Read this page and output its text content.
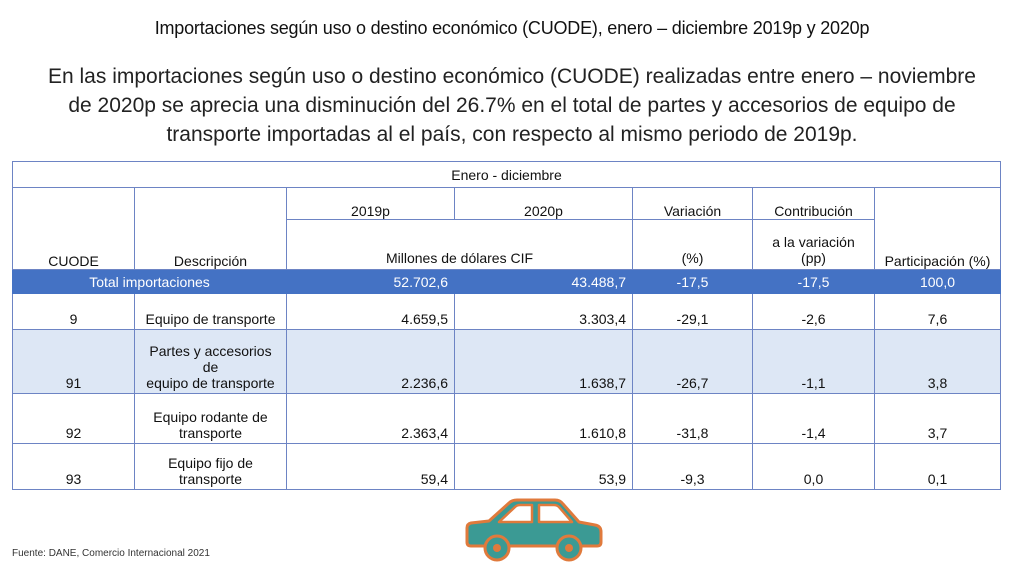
Importaciones según uso o destino económico (CUODE), enero – diciembre 2019p y 2020p
En las importaciones según uso o destino económico (CUODE) realizadas entre enero – noviembre de 2020p se aprecia una disminución del 26.7% en el total de partes y accesorios de equipo de transporte importadas al el país, con respecto al mismo periodo de 2019p.
Enero - diciembre						
CUODE	Descripción	2019p	2020p	Variación	Contribución	Participación (%)
		Millones de dólares CIF		(%)	a la variación
(pp)	

Total importaciones		52.702,6	43.488,7	-17,5	-17,5	100,0
9	Equipo de transporte	4.659,5	3.303,4	-29,1	-2,6	7,6
91	Partes y accesorios de
equipo de transporte	2.236,6	1.638,7	-26,7	-1,1	3,8
92	Equipo rodante de
transporte	2.363,4	1.610,8	-31,8	-1,4	3,7
93	Equipo fijo de
transporte	59,4	53,9	-9,3	0,0	0,1
Fuente: DANE, Comercio Internacional 2021
